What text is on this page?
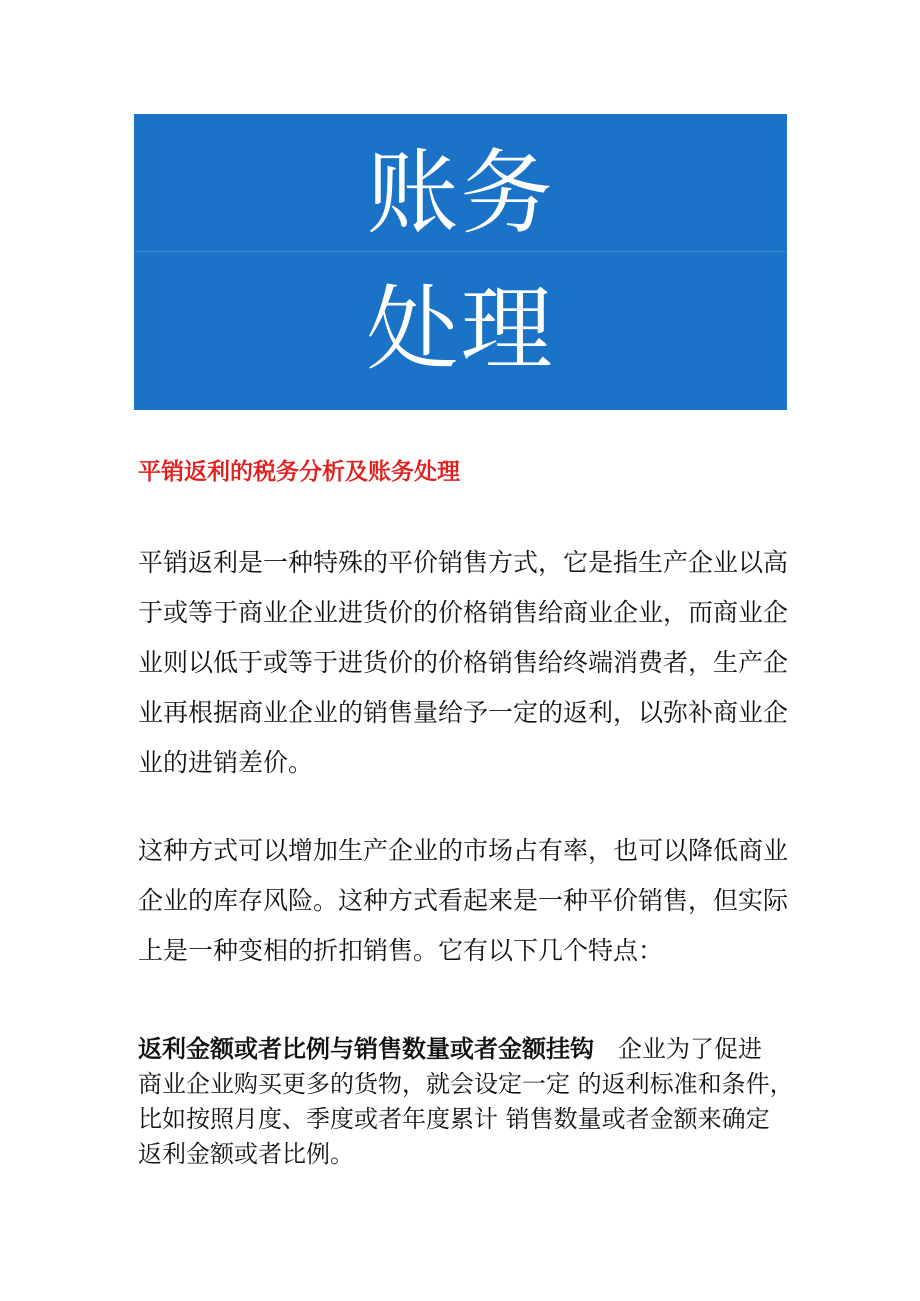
账务
处理
平销返利的税务分析及账务处理
平销返利是一种特殊的平价销售方式，它是指生产企业以高
于或等于商业企业进货价的价格销售给商业企业，而商业企
业则以低于或等于进货价的价格销售给终端消费者，生产企
业再根据商业企业的销售量给予一定的返利，以弥补商业企
业的进销差价。
这种方式可以增加生产企业的市场占有率，也可以降低商业
企业的库存风险。这种方式看起来是一种平价销售，但实际
上是一种变相的折扣销售。它有以下几个特点：
返利金额或者比例与销售数量或者金额挂钩　企业为了促进
商业企业购买更多的货物，就会设定一定 的返利标准和条件，
比如按照月度、季度或者年度累计 销售数量或者金额来确定
返利金额或者比例。
